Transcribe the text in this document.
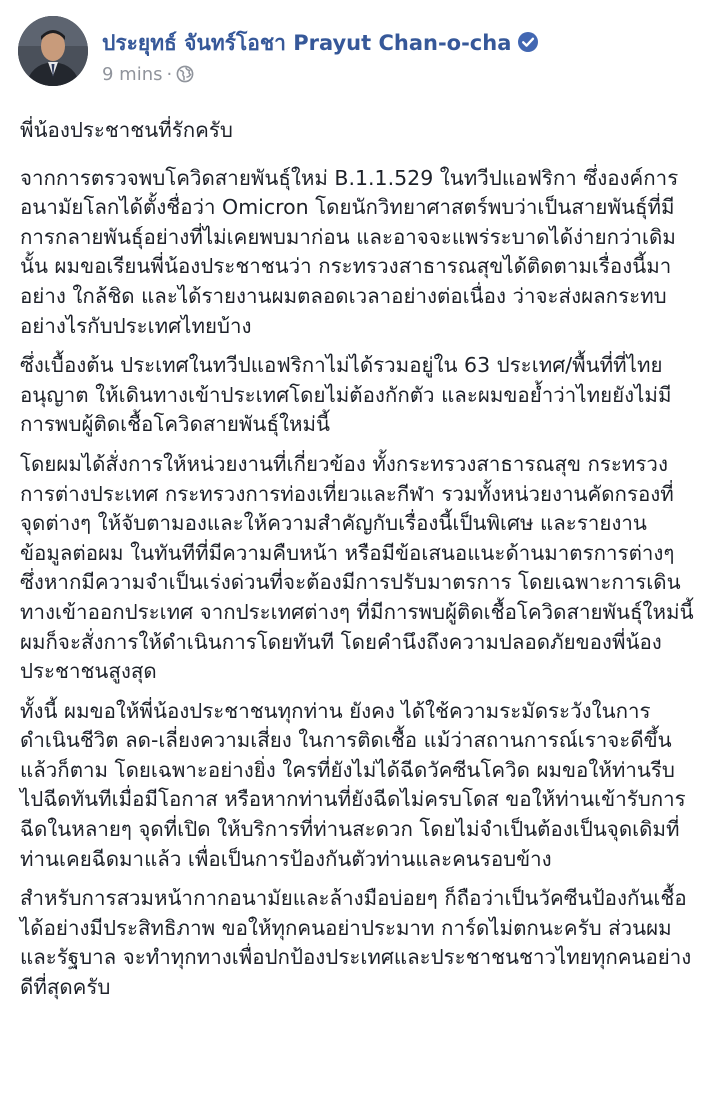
ประยุทธ์ จันทร์โอชา Prayut Chan-o-cha
9 mins ·

พี่น้องประชาชนที่รักครับ

จากการตรวจพบโควิดสายพันธุ์ใหม่ B.1.1.529 ในทวีปแอฟริกา ซึ่งองค์การอนามัยโลกได้ตั้งชื่อว่า Omicron โดยนักวิทยาศาสตร์พบว่าเป็นสายพันธุ์ที่มีการกลายพันธุ์อย่างที่ไม่เคยพบมาก่อน และอาจจะแพร่ระบาดได้ง่ายกว่าเดิมนั้น ผมขอเรียนพี่น้องประชาชนว่า กระทรวงสาธารณสุขได้ติดตามเรื่องนี้มาอย่าง ใกล้ชิด และได้รายงานผมตลอดเวลาอย่างต่อเนื่อง ว่าจะส่งผลกระทบอย่างไรกับประเทศไทยบ้าง

ซึ่งเบื้องต้น ประเทศในทวีปแอฟริกาไม่ได้รวมอยู่ใน 63 ประเทศ/พื้นที่ที่ไทยอนุญาต ให้เดินทางเข้าประเทศโดยไม่ต้องกักตัว และผมขอย้ำว่าไทยยังไม่มีการพบผู้ติดเชื้อโควิดสายพันธุ์ใหม่นี้

โดยผมได้สั่งการให้หน่วยงานที่เกี่ยวข้อง ทั้งกระทรวงสาธารณสุข กระทรวงการต่างประเทศ กระทรวงการท่องเที่ยวและกีฬา รวมทั้งหน่วยงานคัดกรองที่จุดต่างๆ ให้จับตามองและให้ความสำคัญกับเรื่องนี้เป็นพิเศษ และรายงานข้อมูลต่อผม ในทันทีที่มีความคืบหน้า หรือมีข้อเสนอแนะด้านมาตรการต่างๆ ซึ่งหากมีความจำเป็นเร่งด่วนที่จะต้องมีการปรับมาตรการ โดยเฉพาะการเดินทางเข้าออกประเทศ จากประเทศต่างๆ ที่มีการพบผู้ติดเชื้อโควิดสายพันธุ์ใหม่นี้ ผมก็จะสั่งการให้ดำเนินการโดยทันที โดยคำนึงถึงความปลอดภัยของพี่น้องประชาชนสูงสุด

ทั้งนี้ ผมขอให้พี่น้องประชาชนทุกท่าน ยังคง ได้ใช้ความระมัดระวังในการดำเนินชีวิต ลด-เลี่ยงความเสี่ยง ในการติดเชื้อ แม้ว่าสถานการณ์เราจะดีขึ้นแล้วก็ตาม โดยเฉพาะอย่างยิ่ง ใครที่ยังไม่ได้ฉีดวัคซีนโควิด ผมขอให้ท่านรีบไปฉีดทันทีเมื่อมีโอกาส หรือหากท่านที่ยังฉีดไม่ครบโดส ขอให้ท่านเข้ารับการฉีดในหลายๆ จุดที่เปิด ให้บริการที่ท่านสะดวก โดยไม่จำเป็นต้องเป็นจุดเดิมที่ท่านเคยฉีดมาแล้ว เพื่อเป็นการป้องกันตัวท่านและคนรอบข้าง

สำหรับการสวมหน้ากากอนามัยและล้างมือบ่อยๆ ก็ถือว่าเป็นวัคซีนป้องกันเชื้อได้อย่างมีประสิทธิภาพ ขอให้ทุกคนอย่าประมาท การ์ดไม่ตกนะครับ ส่วนผมและรัฐบาล จะทำทุกทางเพื่อปกป้องประเทศและประชาชนชาวไทยทุกคนอย่างดีที่สุดครับ
